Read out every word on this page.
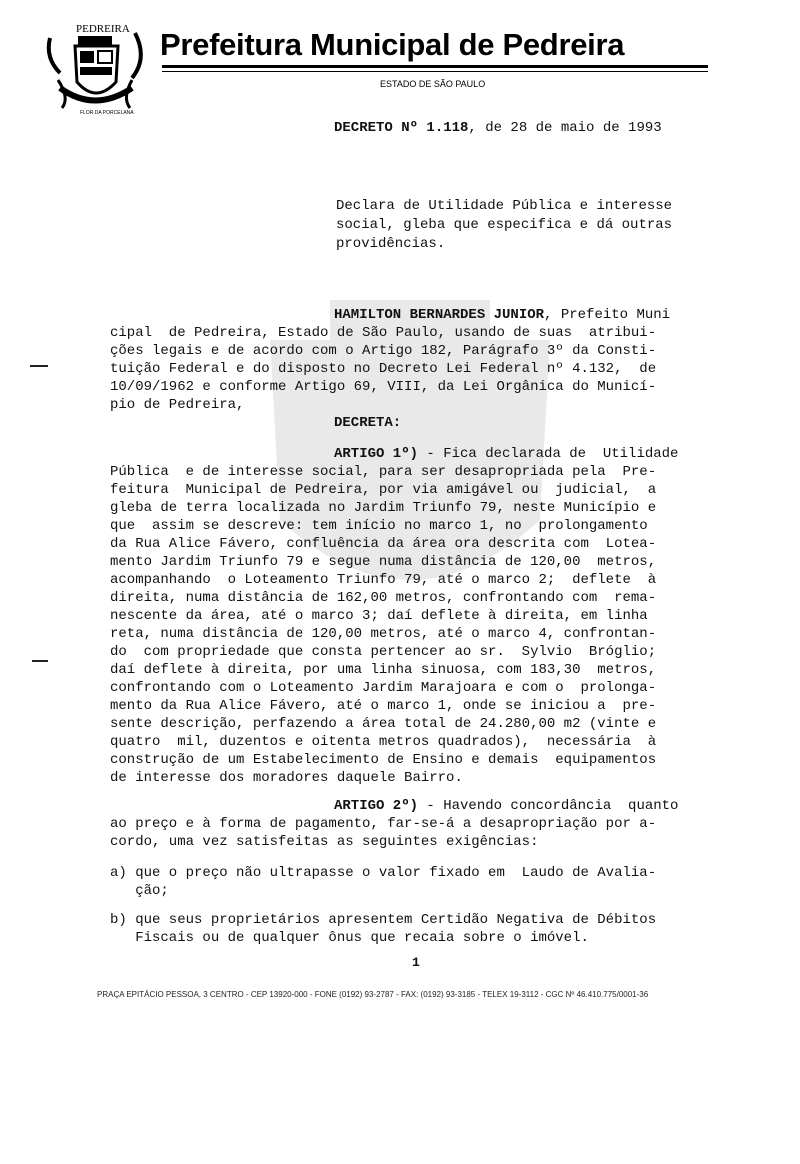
PEDREIRA
FLOR DA PORCELANA
Prefeitura Municipal de Pedreira
ESTADO DE SÃO PAULO
DECRETO Nº 1.118, de 28 de maio de 1993
Declara de Utilidade Pública e interesse
social, gleba que especifica e dá outras
providências.
HAMILTON BERNARDES JUNIOR, Prefeito Muni
cipal  de Pedreira, Estado de São Paulo, usando de suas  atribui-
ções legais e de acordo com o Artigo 182, Parágrafo 3º da Consti-
tuição Federal e do disposto no Decreto Lei Federal nº 4.132,  de
10/09/1962 e conforme Artigo 69, VIII, da Lei Orgânica do Municí-
pio de Pedreira,
DECRETA:
ARTIGO 1º) - Fica declarada de  Utilidade
Pública  e de interesse social, para ser desapropriada pela  Pre-
feitura  Municipal de Pedreira, por via amigável ou  judicial,  a
gleba de terra localizada no Jardim Triunfo 79, neste Município e
que  assim se descreve: tem início no marco 1, no  prolongamento
da Rua Alice Fávero, confluência da área ora descrita com  Lotea-
mento Jardim Triunfo 79 e segue numa distância de 120,00  metros,
acompanhando  o Loteamento Triunfo 79, até o marco 2;  deflete  à
direita, numa distância de 162,00 metros, confrontando com  rema-
nescente da área, até o marco 3; daí deflete à direita, em linha
reta, numa distância de 120,00 metros, até o marco 4, confrontan-
do  com propriedade que consta pertencer ao sr.  Sylvio  Bróglio;
daí deflete à direita, por uma linha sinuosa, com 183,30  metros,
confrontando com o Loteamento Jardim Marajoara e com o  prolonga-
mento da Rua Alice Fávero, até o marco 1, onde se iniciou a  pre-
sente descrição, perfazendo a área total de 24.280,00 m2 (vinte e
quatro  mil, duzentos e oitenta metros quadrados),  necessária  à
construção de um Estabelecimento de Ensino e demais  equipamentos
de interesse dos moradores daquele Bairro.
ARTIGO 2º) - Havendo concordância  quanto
ao preço e à forma de pagamento, far-se-á a desapropriação por a-
cordo, uma vez satisfeitas as seguintes exigências:
a) que o preço não ultrapasse o valor fixado em  Laudo de Avalia-
ção;
b) que seus proprietários apresentem Certidão Negativa de Débitos
Fiscais ou de qualquer ônus que recaia sobre o imóvel.
1
PRAÇA EPITÁCIO PESSOA, 3 CENTRO - CEP 13920-000 - FONE (0192) 93-2787 - FAX: (0192) 93-3185 - TELEX 19-3112 - CGC Nº 46.410.775/0001-36
